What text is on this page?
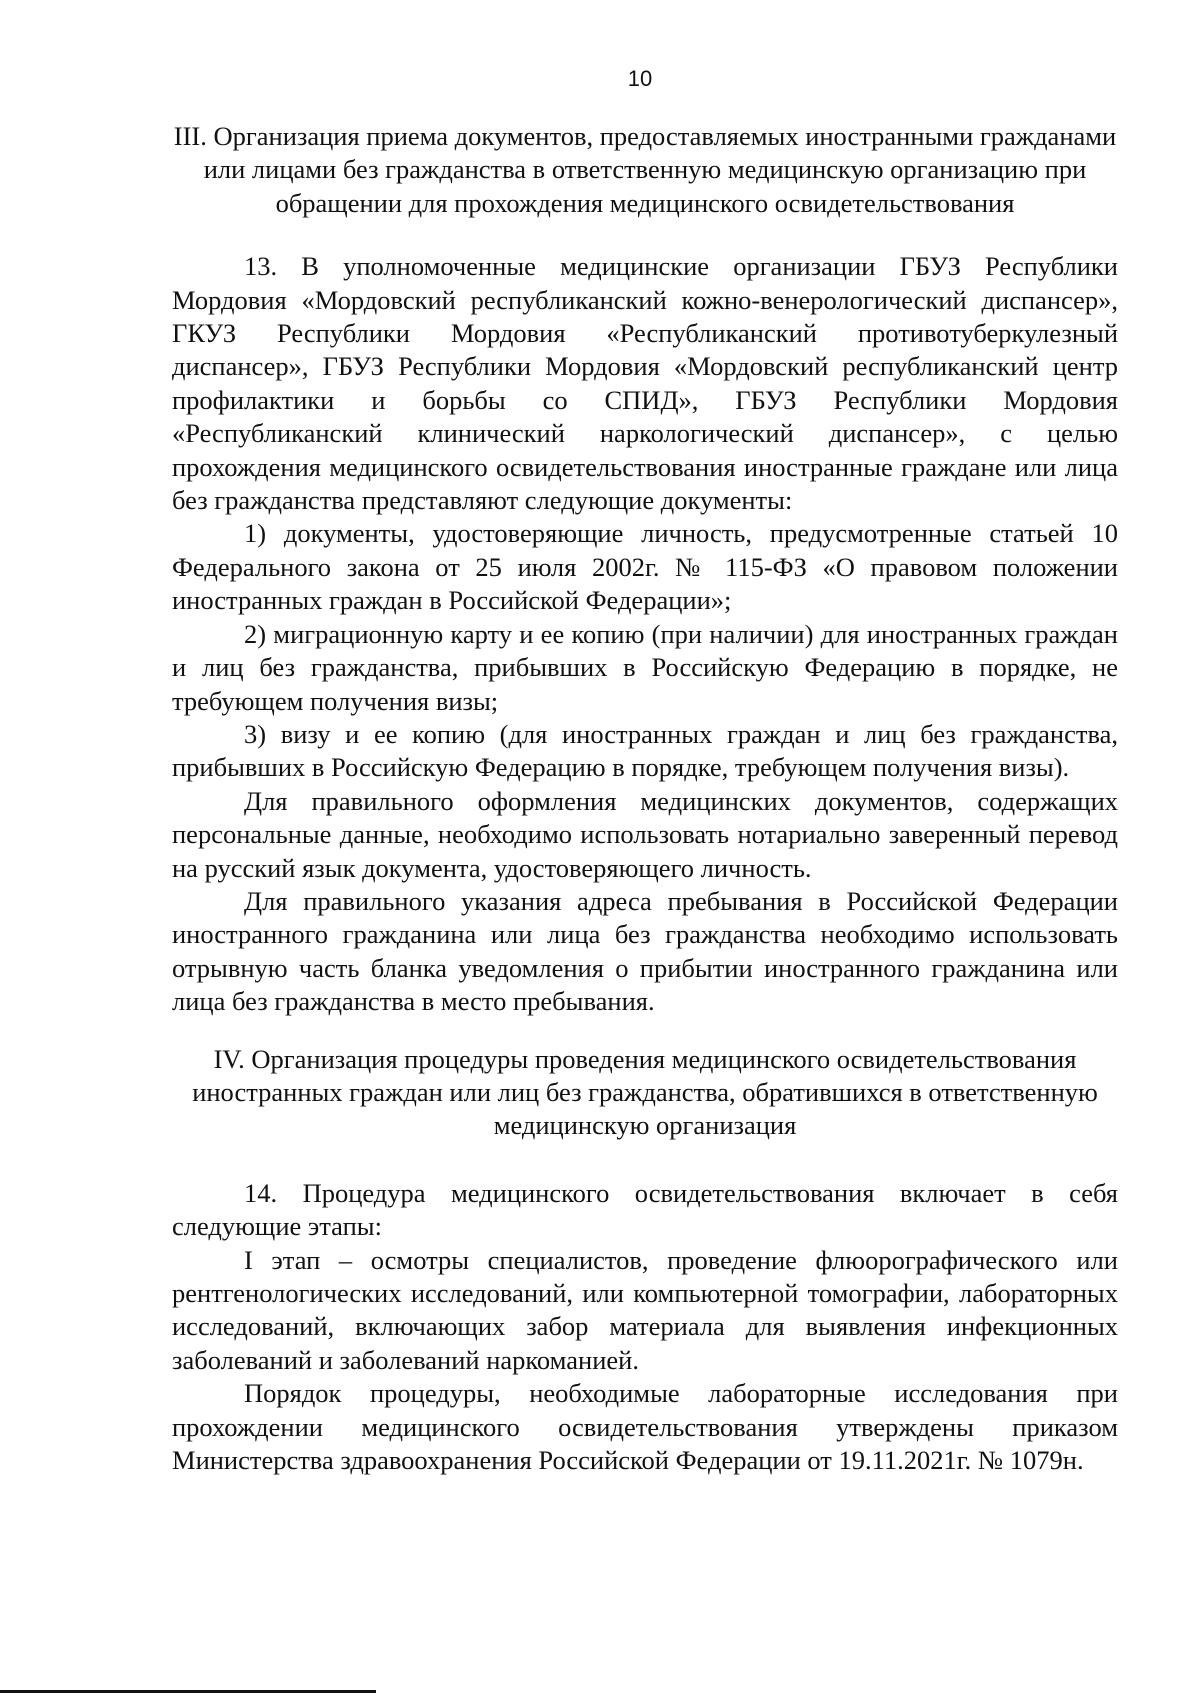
10
III. Организация приема документов, предоставляемых иностранными гражданами или лицами без гражданства в ответственную медицинскую организацию при обращении для прохождения медицинского освидетельствования

13. В уполномоченные медицинские организации ГБУЗ Республики Мордовия «Мордовский республиканский кожно-венерологический диспансер», ГКУЗ Республики Мордовия «Республиканский противотуберкулезный диспансер», ГБУЗ Республики Мордовия «Мордовский республиканский центр профилактики и борьбы со СПИД», ГБУЗ Республики Мордовия «Республиканский клинический наркологический диспансер», с целью прохождения медицинского освидетельствования иностранные граждане или лица без гражданства представляют следующие документы:

1) документы, удостоверяющие личность, предусмотренные статьей 10 Федерального закона от 25 июля 2002г. № 115-ФЗ «О правовом положении иностранных граждан в Российской Федерации»;

2) миграционную карту и ее копию (при наличии) для иностранных граждан и лиц без гражданства, прибывших в Российскую Федерацию в порядке, не требующем получения визы;

3) визу и ее копию (для иностранных граждан и лиц без гражданства, прибывших в Российскую Федерацию в порядке, требующем получения визы).

Для правильного оформления медицинских документов, содержащих персональные данные, необходимо использовать нотариально заверенный перевод на русский язык документа, удостоверяющего личность.

Для правильного указания адреса пребывания в Российской Федерации иностранного гражданина или лица без гражданства необходимо использовать отрывную часть бланка уведомления о прибытии иностранного гражданина или лица без гражданства в место пребывания.

IV. Организация процедуры проведения медицинского освидетельствования иностранных граждан или лиц без гражданства, обратившихся в ответственную медицинскую организация

14. Процедура медицинского освидетельствования включает в себя следующие этапы:

I этап – осмотры специалистов, проведение флюорографического или рентгенологических исследований, или компьютерной томографии, лабораторных исследований, включающих забор материала для выявления инфекционных заболеваний и заболеваний наркоманией.

Порядок процедуры, необходимые лабораторные исследования при прохождении медицинского освидетельствования утверждены приказом Министерства здравоохранения Российской Федерации от 19.11.2021г. № 1079н.
